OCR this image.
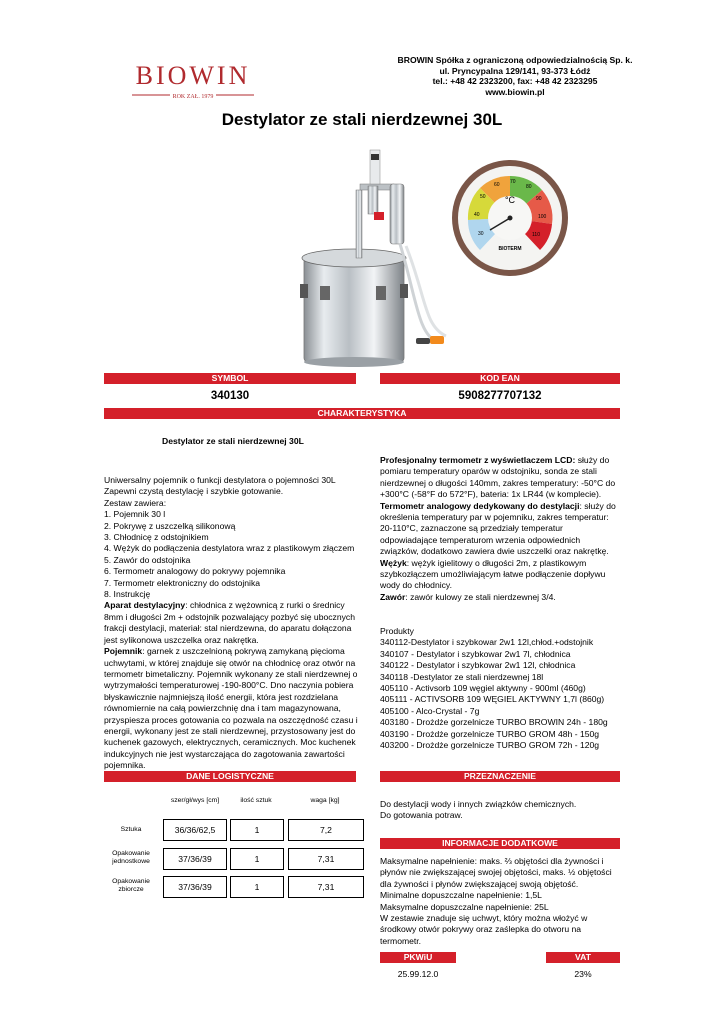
BIOWIN
ROK ZAŁ. 1979
BROWIN Spółka z ograniczoną odpowiedzialnością Sp. k.
ul. Pryncypalna 129/141, 93-373 Łódź
tel.: +48 42 2323200, fax: +48 42 2323295
www.biowin.pl
Destylator ze stali nierdzewnej 30L
°C
BIOTERM
30
40
50
60 70
80
90
100
110
SYMBOL	KOD EAN
340130	5908277707132
CHARAKTERYSTYKA
Destylator ze stali nierdzewnej 30L
Uniwersalny pojemnik o funkcji destylatora o pojemności 30L
Zapewni czystą destylację i szybkie gotowanie.
Zestaw zawiera:
1. Pojemnik 30 l
2. Pokrywę z uszczelką silikonową
3. Chłodnicę z odstojnikiem
4. Wężyk do podłączenia destylatora wraz z plastikowym złączem
5. Zawór do odstojnika
6. Termometr analogowy do pokrywy pojemnika
7. Termometr elektroniczny do odstojnika
8. Instrukcję
Aparat destylacyjny: chłodnica z wężownicą z rurki o średnicy
8mm i długości 2m + odstojnik pozwalający pozbyć się ubocznych
frakcji destylacji, materiał: stal nierdzewna, do aparatu dołączona
jest sylikonowa uszczelka oraz nakrętka.
Pojemnik: garnek z uszczelnioną pokrywą zamykaną pięcioma
uchwytami, w której znajduje się otwór na chłodnicę oraz otwór na
termometr bimetaliczny. Pojemnik wykonany ze stali nierdzewnej o
wytrzymałości temperaturowej -190-800°C. Dno naczynia pobiera
błyskawicznie najmniejszą ilość energii, która jest rozdzielana
równomiernie na całą powierzchnię dna i tam magazynowana,
przyspiesza proces gotowania co pozwala na oszczędność czasu i
energii, wykonany jest ze stali nierdzewnej, przystosowany jest do
kuchenek gazowych, elektrycznych, ceramicznych. Moc kuchenek
indukcyjnych nie jest wystarczająca do zagotowania zawartości
pojemnika.
Profesjonalny termometr z wyświetlaczem LCD: służy do
pomiaru temperatury oparów w odstojniku, sonda ze stali
nierdzewnej o długości 140mm, zakres temperatury: -50°C do
+300°C (-58°F do 572°F), bateria: 1x LR44 (w komplecie).
Termometr analogowy dedykowany do destylacji: służy do
określenia temperatury par w pojemniku, zakres temperatur:
20-110°C, zaznaczone są przedziały temperatur
odpowiadające temperaturom wrzenia odpowiednich
związków, dodatkowo zawiera dwie uszczelki oraz nakrętkę.
Wężyk: wężyk igielitowy o długości 2m, z plastikowym
szybkozłączem umożliwiającym łatwe podłączenie dopływu
wody do chłodnicy.
Zawór: zawór kulowy ze stali nierdzewnej 3/4.
Produkty
340112-Destylator i szybkowar 2w1 12l,chłod.+odstojnik
340107 - Destylator i szybkowar 2w1 7l, chłodnica
340122 - Destylator i szybkowar 2w1 12l, chłodnica
340118 -Destylator ze stali nierdzewnej 18l
405110 - Activsorb 109 węgiel aktywny - 900ml (460g)
405111 - ACTIVSORB 109 WĘGIEL AKTYWNY 1,7l (860g)
405100 - Alco-Crystal - 7g
403180 - Drożdże gorzelnicze TURBO BROWIN 24h - 180g
403190 - Drożdże gorzelnicze TURBO GROM 48h - 150g
403200 - Drożdże gorzelnicze TURBO GROM 72h - 120g
DANE LOGISTYCZNE
szer/gł/wys [cm]	ilość sztuk	waga [kg]
Sztuka	36/36/62,5	1	7,2
Opakowanie jednostkowe	37/36/39	1	7,31
Opakowanie zbiorcze	37/36/39	1	7,31
PRZEZNACZENIE
Do destylacji wody i innych związków chemicznych.
Do gotowania potraw.
INFORMACJE DODATKOWE
Maksymalne napełnienie: maks. ⅔ objętości dla żywności i
płynów nie zwiększającej swojej objętości, maks. ½ objętości
dla żywności i płynów zwiększającej swoją objętość.
Minimalne dopuszczalne napełnienie: 1,5L
Maksymalne dopuszczalne napełnienie: 25L
W zestawie znaduje się uchwyt, który można włożyć w
środkowy otwór pokrywy oraz zaślepka do otworu na
termometr.
PKWiU	VAT
25.99.12.0	23%
